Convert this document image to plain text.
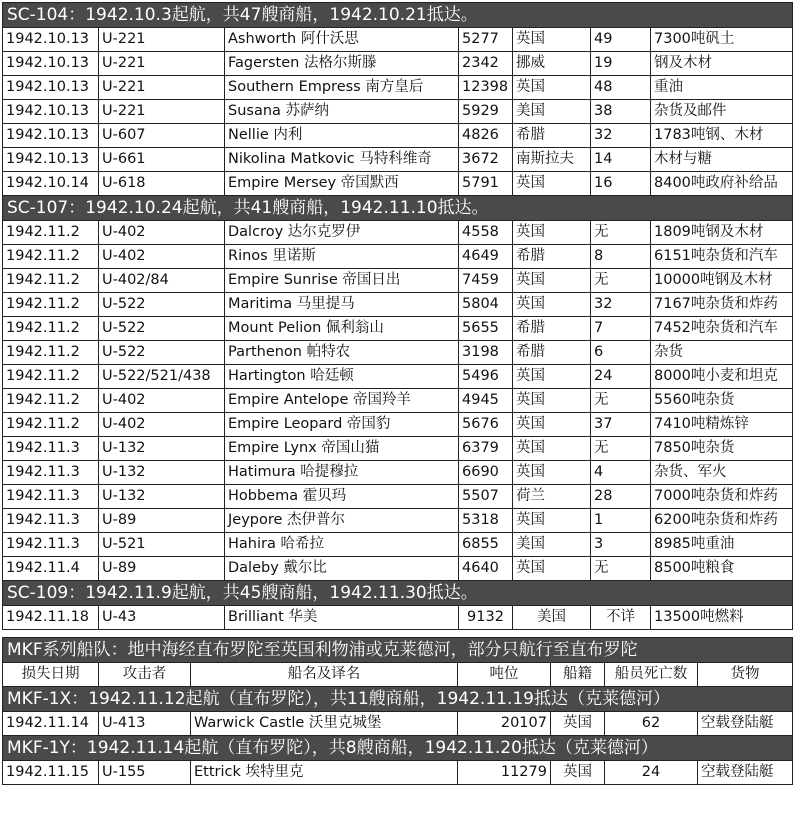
SC-104：1942.10.3起航，共47艘商船，1942.10.21抵达。						
1942.10.13	U-221	Ashworth 阿什沃思	5277	英国	49	7300吨矾土
1942.10.13	U-221	Fagersten 法格尔斯滕	2342	挪威	19	钢及木材
1942.10.13	U-221	Southern Empress 南方皇后	12398	英国	48	重油
1942.10.13	U-221	Susana 苏萨纳	5929	美国	38	杂货及邮件
1942.10.13	U-607	Nellie 内利	4826	希腊	32	1783吨钢、木材
1942.10.13	U-661	Nikolina Matkovic 马特科维奇	3672	南斯拉夫	14	木材与糖
1942.10.14	U-618	Empire Mersey 帝国默西	5791	英国	16	8400吨政府补给品
SC-107：1942.10.24起航，共41艘商船，1942.11.10抵达。						
1942.11.2	U-402	Dalcroy 达尔克罗伊	4558	英国	无	1809吨钢及木材
1942.11.2	U-402	Rinos 里诺斯	4649	希腊	8	6151吨杂货和汽车
1942.11.2	U-402/84	Empire Sunrise 帝国日出	7459	英国	无	10000吨钢及木材
1942.11.2	U-522	Maritima 马里提马	5804	英国	32	7167吨杂货和炸药
1942.11.2	U-522	Mount Pelion 佩利翁山	5655	希腊	7	7452吨杂货和汽车
1942.11.2	U-522	Parthenon 帕特农	3198	希腊	6	杂货
1942.11.2	U-522/521/438	Hartington 哈廷顿	5496	英国	24	8000吨小麦和坦克
1942.11.2	U-402	Empire Antelope 帝国羚羊	4945	英国	无	5560吨杂货
1942.11.2	U-402	Empire Leopard 帝国豹	5676	英国	37	7410吨精炼锌
1942.11.3	U-132	Empire Lynx 帝国山猫	6379	英国	无	7850吨杂货
1942.11.3	U-132	Hatimura 哈提穆拉	6690	英国	4	杂货、军火
1942.11.3	U-132	Hobbema 霍贝玛	5507	荷兰	28	7000吨杂货和炸药
1942.11.3	U-89	Jeypore 杰伊普尔	5318	英国	1	6200吨杂货和炸药
1942.11.3	U-521	Hahira 哈希拉	6855	美国	3	8985吨重油
1942.11.4	U-89	Daleby 戴尔比	4640	英国	无	8500吨粮食
SC-109：1942.11.9起航，共45艘商船，1942.11.30抵达。						
1942.11.18	U-43	Brilliant 华美	9132	美国	不详	13500吨燃料
MKF系列船队：地中海经直布罗陀至英国利物浦或克莱德河，部分只航行至直布罗陀						
损失日期	攻击者	船名及译名	吨位	船籍	船员死亡数	货物
MKF-1X：1942.11.12起航（直布罗陀），共11艘商船，1942.11.19抵达（克莱德河）						
1942.11.14	U-413	Warwick Castle 沃里克城堡	20107	英国	62	空载登陆艇
MKF-1Y：1942.11.14起航（直布罗陀），共8艘商船，1942.11.20抵达（克莱德河）						
1942.11.15	U-155	Ettrick 埃特里克	11279	英国	24	空载登陆艇
